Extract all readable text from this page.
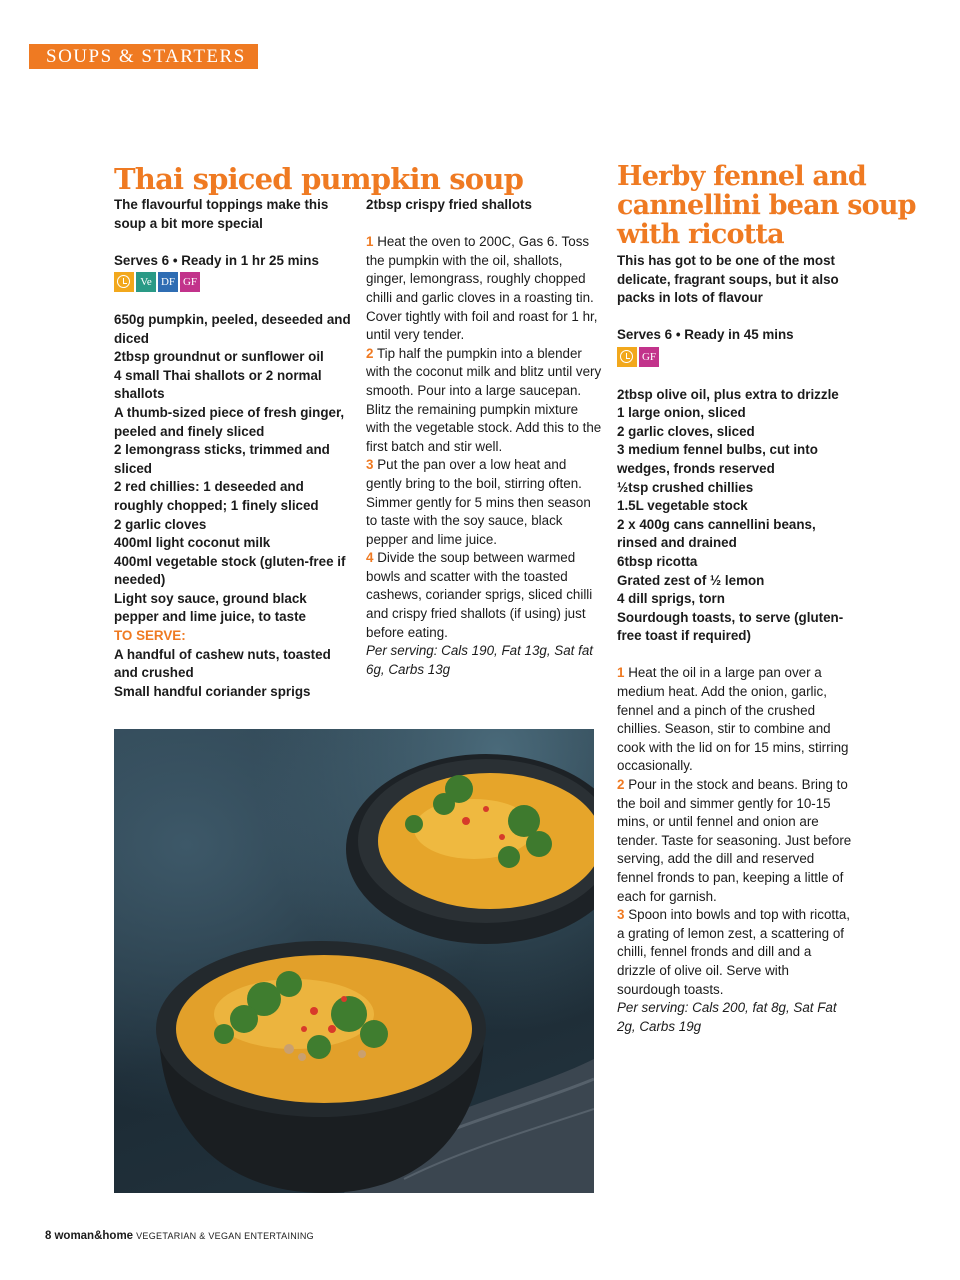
SOUPS & STARTERS
Thai spiced pumpkin soup

The flavourful toppings make this soup a bit more special

Serves 6 • Ready in 1 hr 25 mins

Ve DF GF

650g pumpkin, peeled, deseeded and diced

2tbsp groundnut or sunflower oil

4 small Thai shallots or 2 normal shallots

A thumb-sized piece of fresh ginger, peeled and finely sliced

2 lemongrass sticks, trimmed and sliced

2 red chillies: 1 deseeded and roughly chopped; 1 finely sliced

2 garlic cloves

400ml light coconut milk

400ml vegetable stock (gluten-free if needed)

Light soy sauce, ground black pepper and lime juice, to taste

TO SERVE:

A handful of cashew nuts, toasted and crushed

Small handful coriander sprigs

2tbsp crispy fried shallots

1 Heat the oven to 200C, Gas 6. Toss the pumpkin with the oil, shallots, ginger, lemongrass, roughly chopped chilli and garlic cloves in a roasting tin. Cover tightly with foil and roast for 1 hr, until very tender.

2 Tip half the pumpkin into a blender with the coconut milk and blitz until very smooth. Pour into a large saucepan. Blitz the remaining pumpkin mixture with the vegetable stock. Add this to the first batch and stir well.

3 Put the pan over a low heat and gently bring to the boil, stirring often. Simmer gently for 5 mins then season to taste with the soy sauce, black pepper and lime juice.

4 Divide the soup between warmed bowls and scatter with the toasted cashews, coriander sprigs, sliced chilli and crispy fried shallots (if using) just before eating.

Per serving: Cals 190, Fat 13g, Sat fat 6g, Carbs 13g

Herby fennel and cannellini bean soup with ricotta

This has got to be one of the most delicate, fragrant soups, but it also packs in lots of flavour

Serves 6 • Ready in 45 mins

GF

2tbsp olive oil, plus extra to drizzle

1 large onion, sliced

2 garlic cloves, sliced

3 medium fennel bulbs, cut into wedges, fronds reserved

½tsp crushed chillies

1.5L vegetable stock

2 x 400g cans cannellini beans, rinsed and drained

6tbsp ricotta

Grated zest of ½ lemon

4 dill sprigs, torn

Sourdough toasts, to serve (gluten-free toast if required)

1 Heat the oil in a large pan over a medium heat. Add the onion, garlic, fennel and a pinch of the crushed chillies. Season, stir to combine and cook with the lid on for 15 mins, stirring occasionally.

2 Pour in the stock and beans. Bring to the boil and simmer gently for 10-15 mins, or until fennel and onion are tender. Taste for seasoning. Just before serving, add the dill and reserved fennel fronds to pan, keeping a little of each for garnish.

3 Spoon into bowls and top with ricotta, a grating of lemon zest, a scattering of chilli, fennel fronds and dill and a drizzle of olive oil. Serve with sourdough toasts.

Per serving: Cals 200, fat 8g, Sat Fat 2g, Carbs 19g

8 woman&home VEGETARIAN & VEGAN ENTERTAINING
